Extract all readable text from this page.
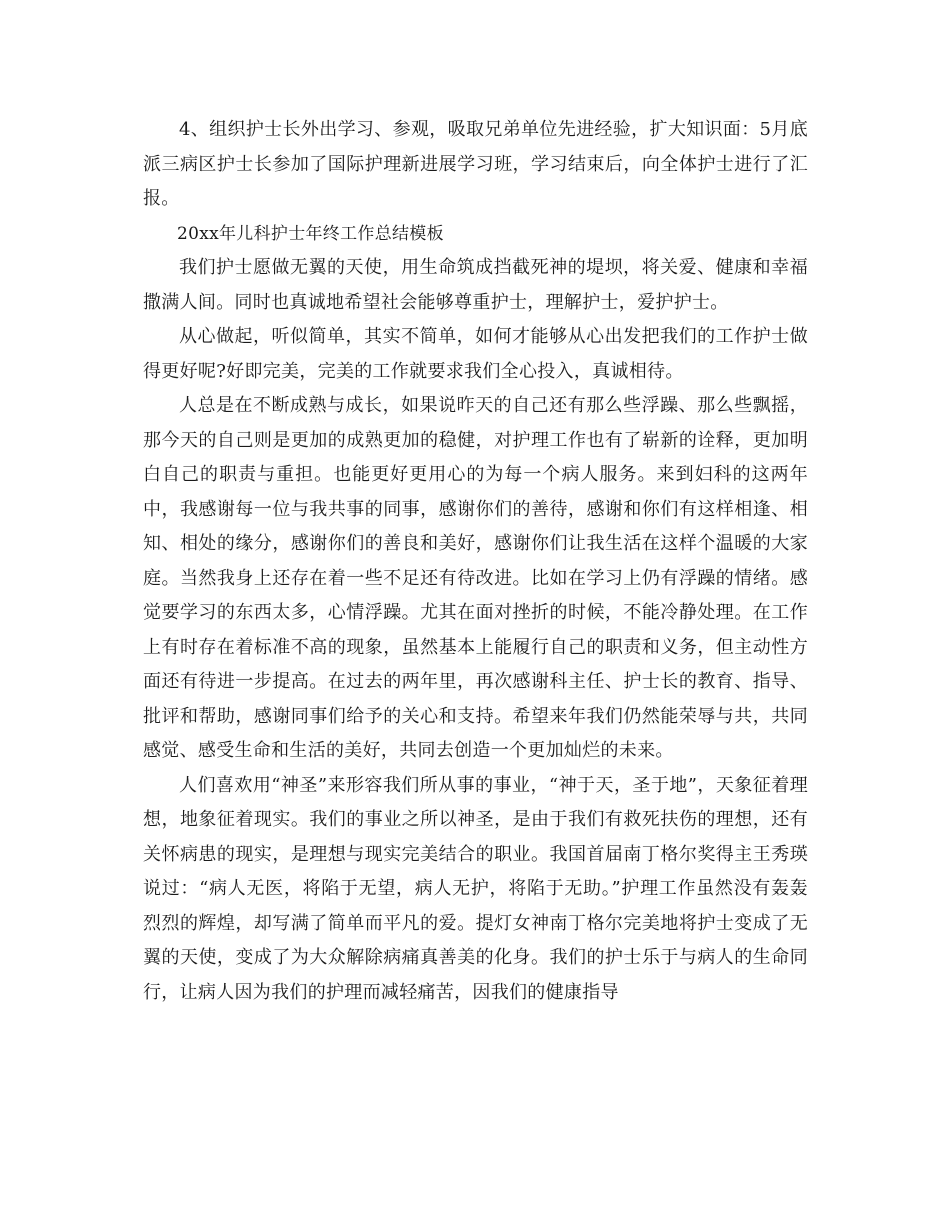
4、组织护士长外出学习、参观，吸取兄弟单位先进经验，扩大知识面：5月底派三病区护士长参加了国际护理新进展学习班，学习结束后，向全体护士进行了汇报。

20xx年儿科护士年终工作总结模板

我们护士愿做无翼的天使，用生命筑成挡截死神的堤坝，将关爱、健康和幸福撒满人间。同时也真诚地希望社会能够尊重护士，理解护士，爱护护士。

从心做起，听似简单，其实不简单，如何才能够从心出发把我们的工作护士做得更好呢?好即完美，完美的工作就要求我们全心投入，真诚相待。

人总是在不断成熟与成长，如果说昨天的自己还有那么些浮躁、那么些飘摇，那今天的自己则是更加的成熟更加的稳健，对护理工作也有了崭新的诠释，更加明白自己的职责与重担。也能更好更用心的为每一个病人服务。来到妇科的这两年中，我感谢每一位与我共事的同事，感谢你们的善待，感谢和你们有这样相逢、相知、相处的缘分，感谢你们的善良和美好，感谢你们让我生活在这样个温暖的大家庭。当然我身上还存在着一些不足还有待改进。比如在学习上仍有浮躁的情绪。感觉要学习的东西太多，心情浮躁。尤其在面对挫折的时候，不能冷静处理。在工作上有时存在着标准不高的现象，虽然基本上能履行自己的职责和义务，但主动性方面还有待进一步提高。在过去的两年里，再次感谢科主任、护士长的教育、指导、批评和帮助，感谢同事们给予的关心和支持。希望来年我们仍然能荣辱与共，共同感觉、感受生命和生活的美好，共同去创造一个更加灿烂的未来。

人们喜欢用“神圣”来形容我们所从事的事业，“神于天，圣于地”，天象征着理想，地象征着现实。我们的事业之所以神圣，是由于我们有救死扶伤的理想，还有关怀病患的现实，是理想与现实完美结合的职业。我国首届南丁格尔奖得主王秀瑛说过：“病人无医，将陷于无望，病人无护，将陷于无助。”护理工作虽然没有轰轰烈烈的辉煌，却写满了简单而平凡的爱。提灯女神南丁格尔完美地将护士变成了无翼的天使，变成了为大众解除病痛真善美的化身。我们的护士乐于与病人的生命同行，让病人因为我们的护理而减轻痛苦，因我们的健康指导
